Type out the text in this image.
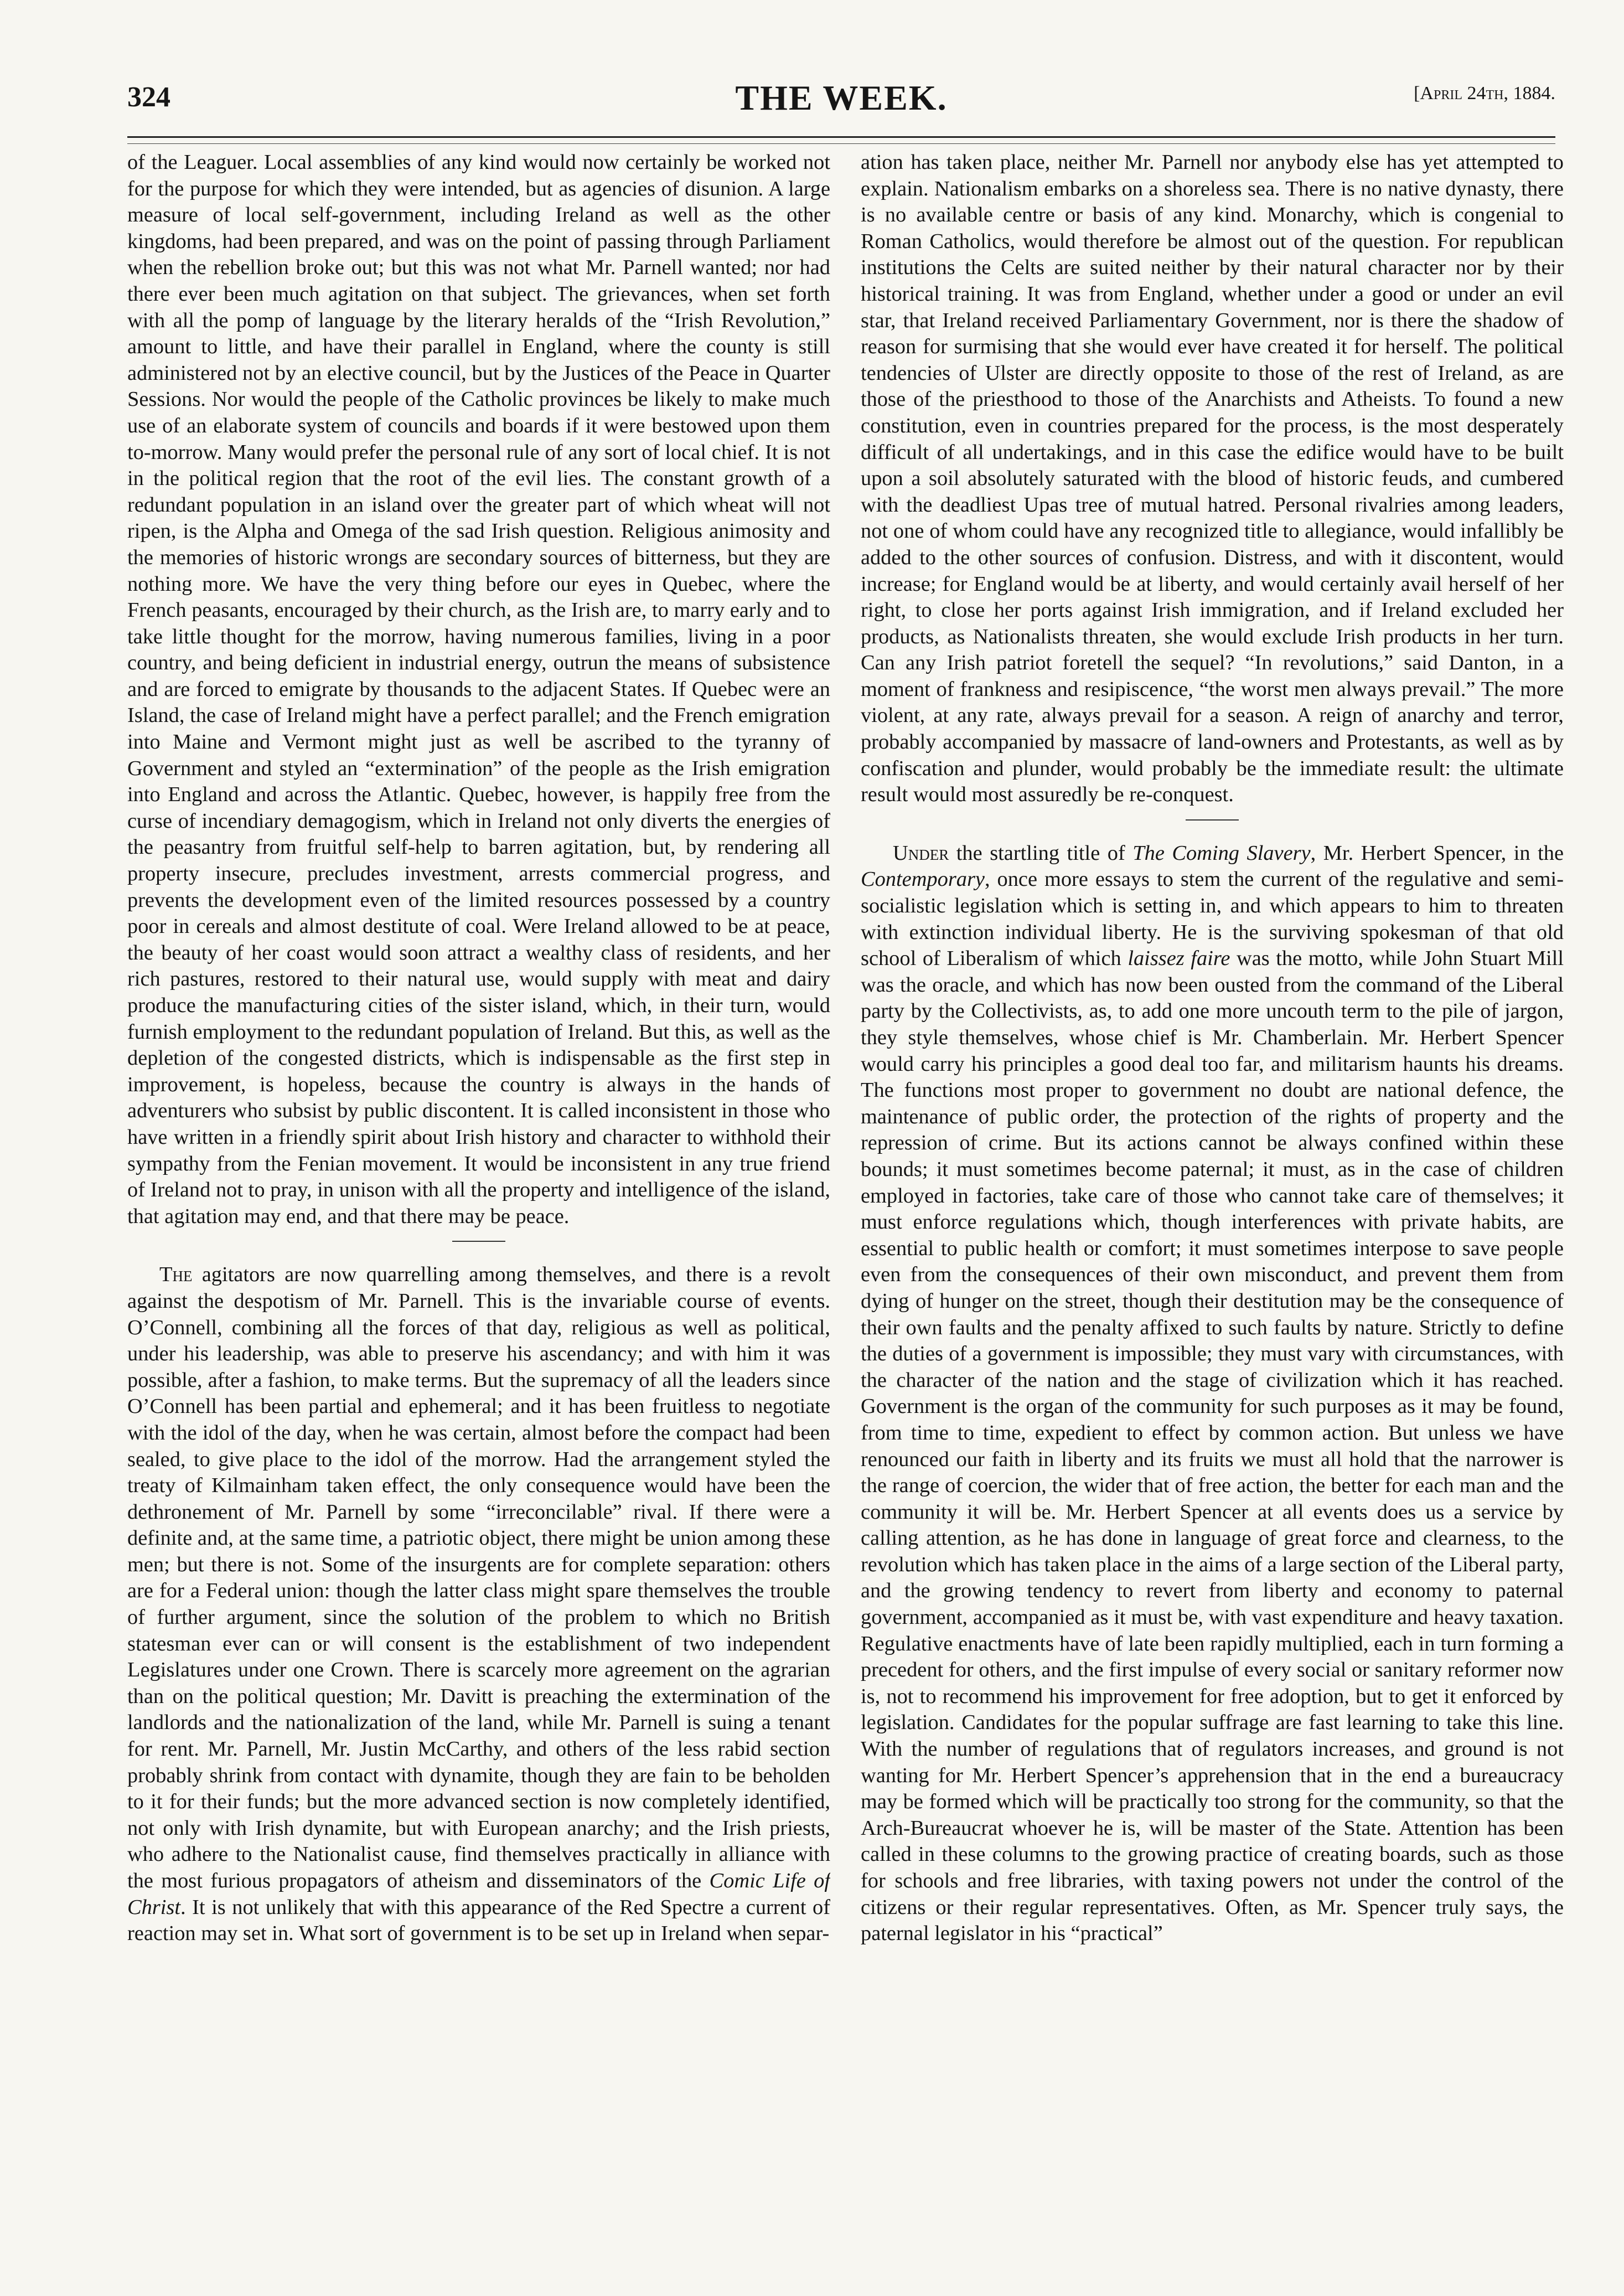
324	THE WEEK.	[April 24th, 1884.

of the Leaguer. Local assemblies of any kind would now certainly be worked not for the purpose for which they were intended, but as agencies of disunion. A large measure of local self-government, including Ireland as well as the other kingdoms, had been prepared, and was on the point of passing through Parliament when the rebellion broke out; but this was not what Mr. Parnell wanted; nor had there ever been much agitation on that subject. The grievances, when set forth with all the pomp of language by the literary heralds of the “Irish Revolution,” amount to little, and have their parallel in England, where the county is still administered not by an elective council, but by the Justices of the Peace in Quarter Sessions. Nor would the people of the Catholic provinces be likely to make much use of an elaborate system of councils and boards if it were bestowed upon them to-morrow. Many would prefer the personal rule of any sort of local chief. It is not in the political region that the root of the evil lies. The constant growth of a redundant population in an island over the greater part of which wheat will not ripen, is the Alpha and Omega of the sad Irish question. Religious animosity and the memories of historic wrongs are secondary sources of bitterness, but they are nothing more. We have the very thing before our eyes in Quebec, where the French peasants, encouraged by their church, as the Irish are, to marry early and to take little thought for the morrow, having numerous families, living in a poor country, and being deficient in industrial energy, outrun the means of subsistence and are forced to emigrate by thousands to the adjacent States. If Quebec were an Island, the case of Ireland might have a perfect parallel; and the French emigration into Maine and Vermont might just as well be ascribed to the tyranny of Government and styled an “extermination” of the people as the Irish emigration into England and across the Atlantic. Quebec, however, is happily free from the curse of incendiary demagogism, which in Ireland not only diverts the energies of the peasantry from fruitful self-help to barren agitation, but, by rendering all property insecure, precludes investment, arrests commercial progress, and prevents the development even of the limited resources possessed by a country poor in cereals and almost destitute of coal. Were Ireland allowed to be at peace, the beauty of her coast would soon attract a wealthy class of residents, and her rich pastures, restored to their natural use, would supply with meat and dairy produce the manufacturing cities of the sister island, which, in their turn, would furnish employment to the redundant population of Ireland. But this, as well as the depletion of the congested districts, which is indispensable as the first step in improvement, is hopeless, because the country is always in the hands of adventurers who subsist by public discontent. It is called inconsistent in those who have written in a friendly spirit about Irish history and character to withhold their sympathy from the Fenian movement. It would be inconsistent in any true friend of Ireland not to pray, in unison with all the property and intelligence of the island, that agitation may end, and that there may be peace.

The agitators are now quarrelling among themselves, and there is a revolt against the despotism of Mr. Parnell. This is the invariable course of events. O’Connell, combining all the forces of that day, religious as well as political, under his leadership, was able to preserve his ascendancy; and with him it was possible, after a fashion, to make terms. But the supremacy of all the leaders since O’Connell has been partial and ephemeral; and it has been fruitless to negotiate with the idol of the day, when he was certain, almost before the compact had been sealed, to give place to the idol of the morrow. Had the arrangement styled the treaty of Kilmainham taken effect, the only consequence would have been the dethronement of Mr. Parnell by some “irreconcilable” rival. If there were a definite and, at the same time, a patriotic object, there might be union among these men; but there is not. Some of the insurgents are for complete separation: others are for a Federal union: though the latter class might spare themselves the trouble of further argument, since the solution of the problem to which no British statesman ever can or will consent is the establishment of two independent Legislatures under one Crown. There is scarcely more agreement on the agrarian than on the political question; Mr. Davitt is preaching the extermination of the landlords and the nationalization of the land, while Mr. Parnell is suing a tenant for rent. Mr. Parnell, Mr. Justin McCarthy, and others of the less rabid section probably shrink from contact with dynamite, though they are fain to be beholden to it for their funds; but the more advanced section is now completely identified, not only with Irish dynamite, but with European anarchy; and the Irish priests, who adhere to the Nationalist cause, find themselves practically in alliance with the most furious propagators of atheism and disseminators of the Comic Life of Christ. It is not unlikely that with this appearance of the Red Spectre a current of reaction may set in. What sort of government is to be set up in Ireland when separ-

ation has taken place, neither Mr. Parnell nor anybody else has yet attempted to explain. Nationalism embarks on a shoreless sea. There is no native dynasty, there is no available centre or basis of any kind. Monarchy, which is congenial to Roman Catholics, would therefore be almost out of the question. For republican institutions the Celts are suited neither by their natural character nor by their historical training. It was from England, whether under a good or under an evil star, that Ireland received Parliamentary Government, nor is there the shadow of reason for surmising that she would ever have created it for herself. The political tendencies of Ulster are directly opposite to those of the rest of Ireland, as are those of the priesthood to those of the Anarchists and Atheists. To found a new constitution, even in countries prepared for the process, is the most desperately difficult of all undertakings, and in this case the edifice would have to be built upon a soil absolutely saturated with the blood of historic feuds, and cumbered with the deadliest Upas tree of mutual hatred. Personal rivalries among leaders, not one of whom could have any recognized title to allegiance, would infallibly be added to the other sources of confusion. Distress, and with it discontent, would increase; for England would be at liberty, and would certainly avail herself of her right, to close her ports against Irish immigration, and if Ireland excluded her products, as Nationalists threaten, she would exclude Irish products in her turn. Can any Irish patriot foretell the sequel? “In revolutions,” said Danton, in a moment of frankness and resipiscence, “the worst men always prevail.” The more violent, at any rate, always prevail for a season. A reign of anarchy and terror, probably accompanied by massacre of land-owners and Protestants, as well as by confiscation and plunder, would probably be the immediate result: the ultimate result would most assuredly be re-conquest.

Under the startling title of The Coming Slavery, Mr. Herbert Spencer, in the Contemporary, once more essays to stem the current of the regulative and semi-socialistic legislation which is setting in, and which appears to him to threaten with extinction individual liberty. He is the surviving spokesman of that old school of Liberalism of which laissez faire was the motto, while John Stuart Mill was the oracle, and which has now been ousted from the command of the Liberal party by the Collectivists, as, to add one more uncouth term to the pile of jargon, they style themselves, whose chief is Mr. Chamberlain. Mr. Herbert Spencer would carry his principles a good deal too far, and militarism haunts his dreams. The functions most proper to government no doubt are national defence, the maintenance of public order, the protection of the rights of property and the repression of crime. But its actions cannot be always confined within these bounds; it must sometimes become paternal; it must, as in the case of children employed in factories, take care of those who cannot take care of themselves; it must enforce regulations which, though interferences with private habits, are essential to public health or comfort; it must sometimes interpose to save people even from the consequences of their own misconduct, and prevent them from dying of hunger on the street, though their destitution may be the consequence of their own faults and the penalty affixed to such faults by nature. Strictly to define the duties of a government is impossible; they must vary with circumstances, with the character of the nation and the stage of civilization which it has reached. Government is the organ of the community for such purposes as it may be found, from time to time, expedient to effect by common action. But unless we have renounced our faith in liberty and its fruits we must all hold that the narrower is the range of coercion, the wider that of free action, the better for each man and the community it will be. Mr. Herbert Spencer at all events does us a service by calling attention, as he has done in language of great force and clearness, to the revolution which has taken place in the aims of a large section of the Liberal party, and the growing tendency to revert from liberty and economy to paternal government, accompanied as it must be, with vast expenditure and heavy taxation. Regulative enactments have of late been rapidly multiplied, each in turn forming a precedent for others, and the first impulse of every social or sanitary reformer now is, not to recommend his improvement for free adoption, but to get it enforced by legislation. Candidates for the popular suffrage are fast learning to take this line. With the number of regulations that of regulators increases, and ground is not wanting for Mr. Herbert Spencer’s apprehension that in the end a bureaucracy may be formed which will be practically too strong for the community, so that the Arch-Bureaucrat whoever he is, will be master of the State. Attention has been called in these columns to the growing practice of creating boards, such as those for schools and free libraries, with taxing powers not under the control of the citizens or their regular representatives. Often, as Mr. Spencer truly says, the paternal legislator in his “practical”
